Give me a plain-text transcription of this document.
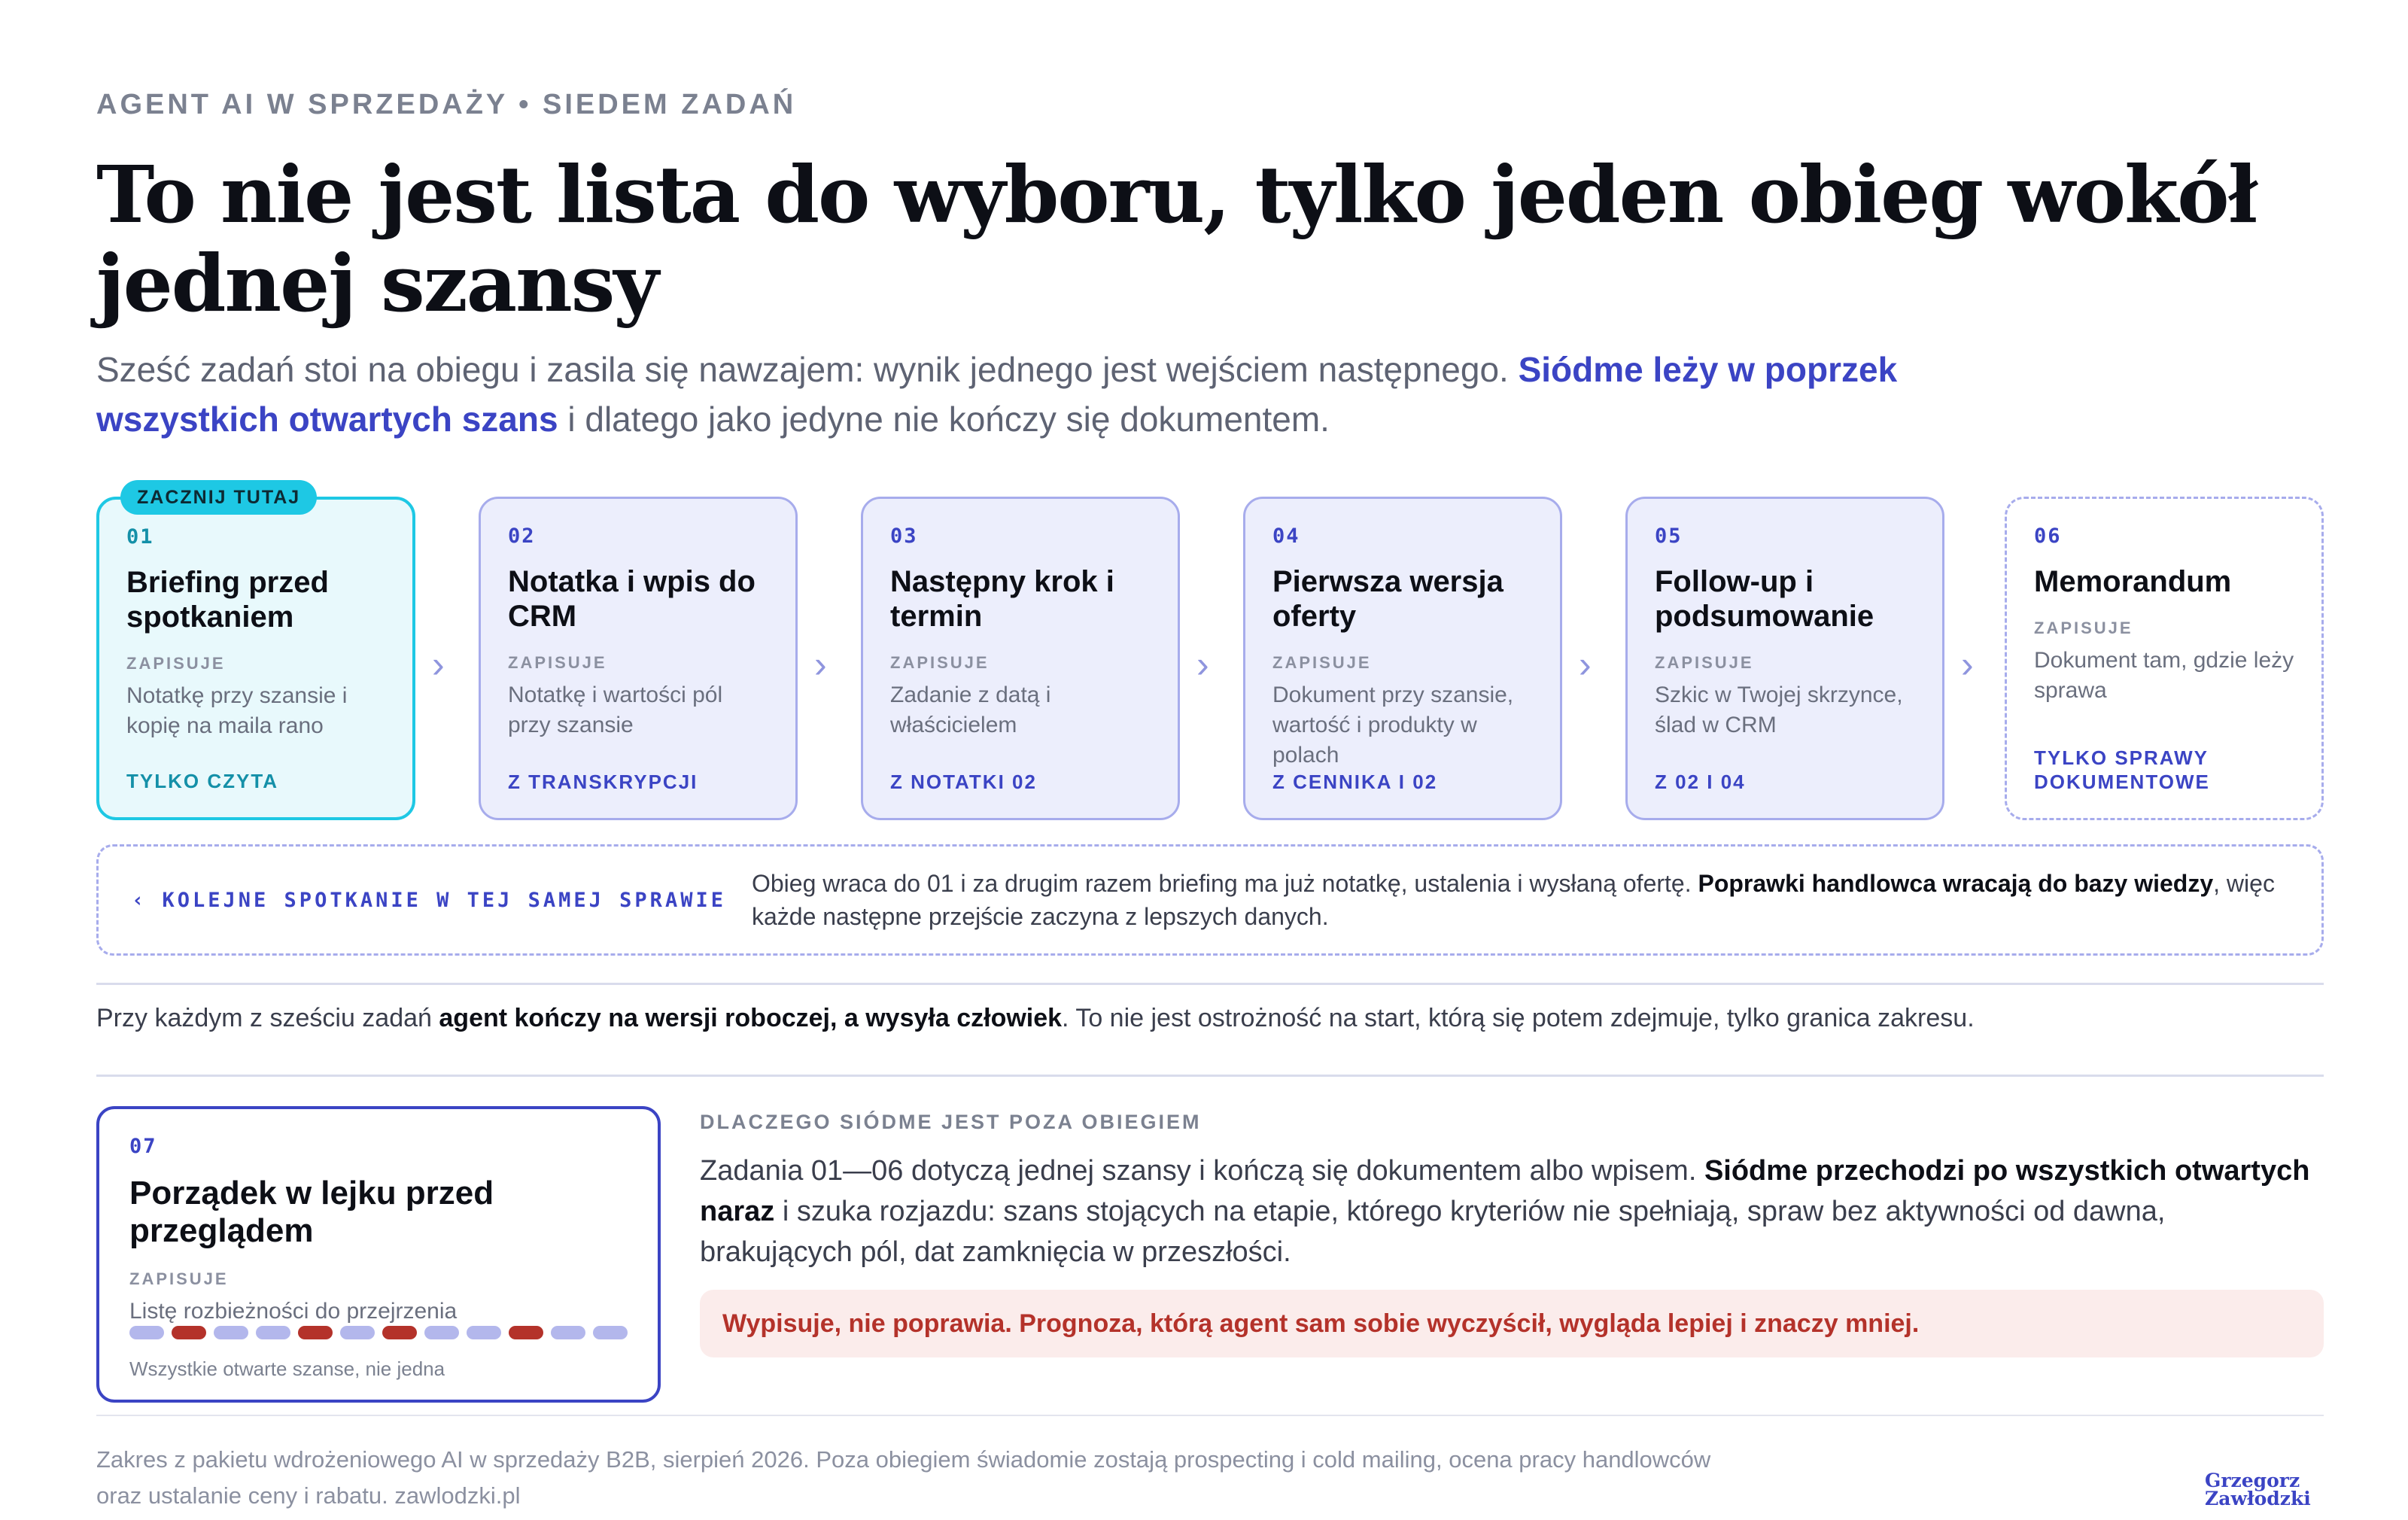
AGENT AI W SPRZEDAŻY • SIEDEM ZADAŃ
To nie jest lista do wyboru, tylko jeden obieg wokół jednej szansy

Sześć zadań stoi na obiegu i zasila się nawzajem: wynik jednego jest wejściem następnego. Siódme leży w poprzek wszystkich otwartych szans i dlatego jako jedyne nie kończy się dokumentem.

01
Briefing przed spotkaniem
ZAPISUJE
Notatkę przy szansie i kopię na maila rano
TYLKO CZYTA
ZACZNIJ TUTAJ
›
02
Notatka i wpis do CRM
ZAPISUJE
Notatkę i wartości pól przy szansie
Z TRANSKRYPCJI
›
03
Następny krok i termin
ZAPISUJE
Zadanie z datą i właścicielem
Z NOTATKI 02
›
04
Pierwsza wersja oferty
ZAPISUJE
Dokument przy szansie, wartość i produkty w polach
Z CENNIKA I 02
›
05
Follow-up i podsumowanie
ZAPISUJE
Szkic w Twojej skrzynce, ślad w CRM
Z 02 I 04
›
06
Memorandum
ZAPISUJE
Dokument tam, gdzie leży sprawa
TYLKO SPRAWY DOKUMENTOWE
‹ KOLEJNE SPOTKANIE W TEJ SAMEJ SPRAWIE
Obieg wraca do 01 i za drugim razem briefing ma już notatkę, ustalenia i wysłaną ofertę. Poprawki handlowca wracają do bazy wiedzy, więc każde następne przejście zaczyna z lepszych danych.

Przy każdym z sześciu zadań agent kończy na wersji roboczej, a wysyła człowiek. To nie jest ostrożność na start, którą się potem zdejmuje, tylko granica zakresu.

07
Porządek w lejku przed przeglądem
ZAPISUJE
Listę rozbieżności do przejrzenia
Wszystkie otwarte szanse, nie jedna
DLACZEGO SIÓDME JEST POZA OBIEGIEM

Zadania 01—06 dotyczą jednej szansy i kończą się dokumentem albo wpisem. Siódme przechodzi po wszystkich otwartych naraz i szuka rozjazdu: szans stojących na etapie, którego kryteriów nie spełniają, spraw bez aktywności od dawna, brakujących pól, dat zamknięcia w przeszłości.

Wypisuje, nie poprawia. Prognoza, którą agent sam sobie wyczyścił, wygląda lepiej i znaczy mniej.

Zakres z pakietu wdrożeniowego AI w sprzedaży B2B, sierpień 2026. Poza obiegiem świadomie zostają prospecting i cold mailing, ocena pracy handlowców oraz ustalanie ceny i rabatu. zawlodzki.pl

Grzegorz
Zawłodzki
